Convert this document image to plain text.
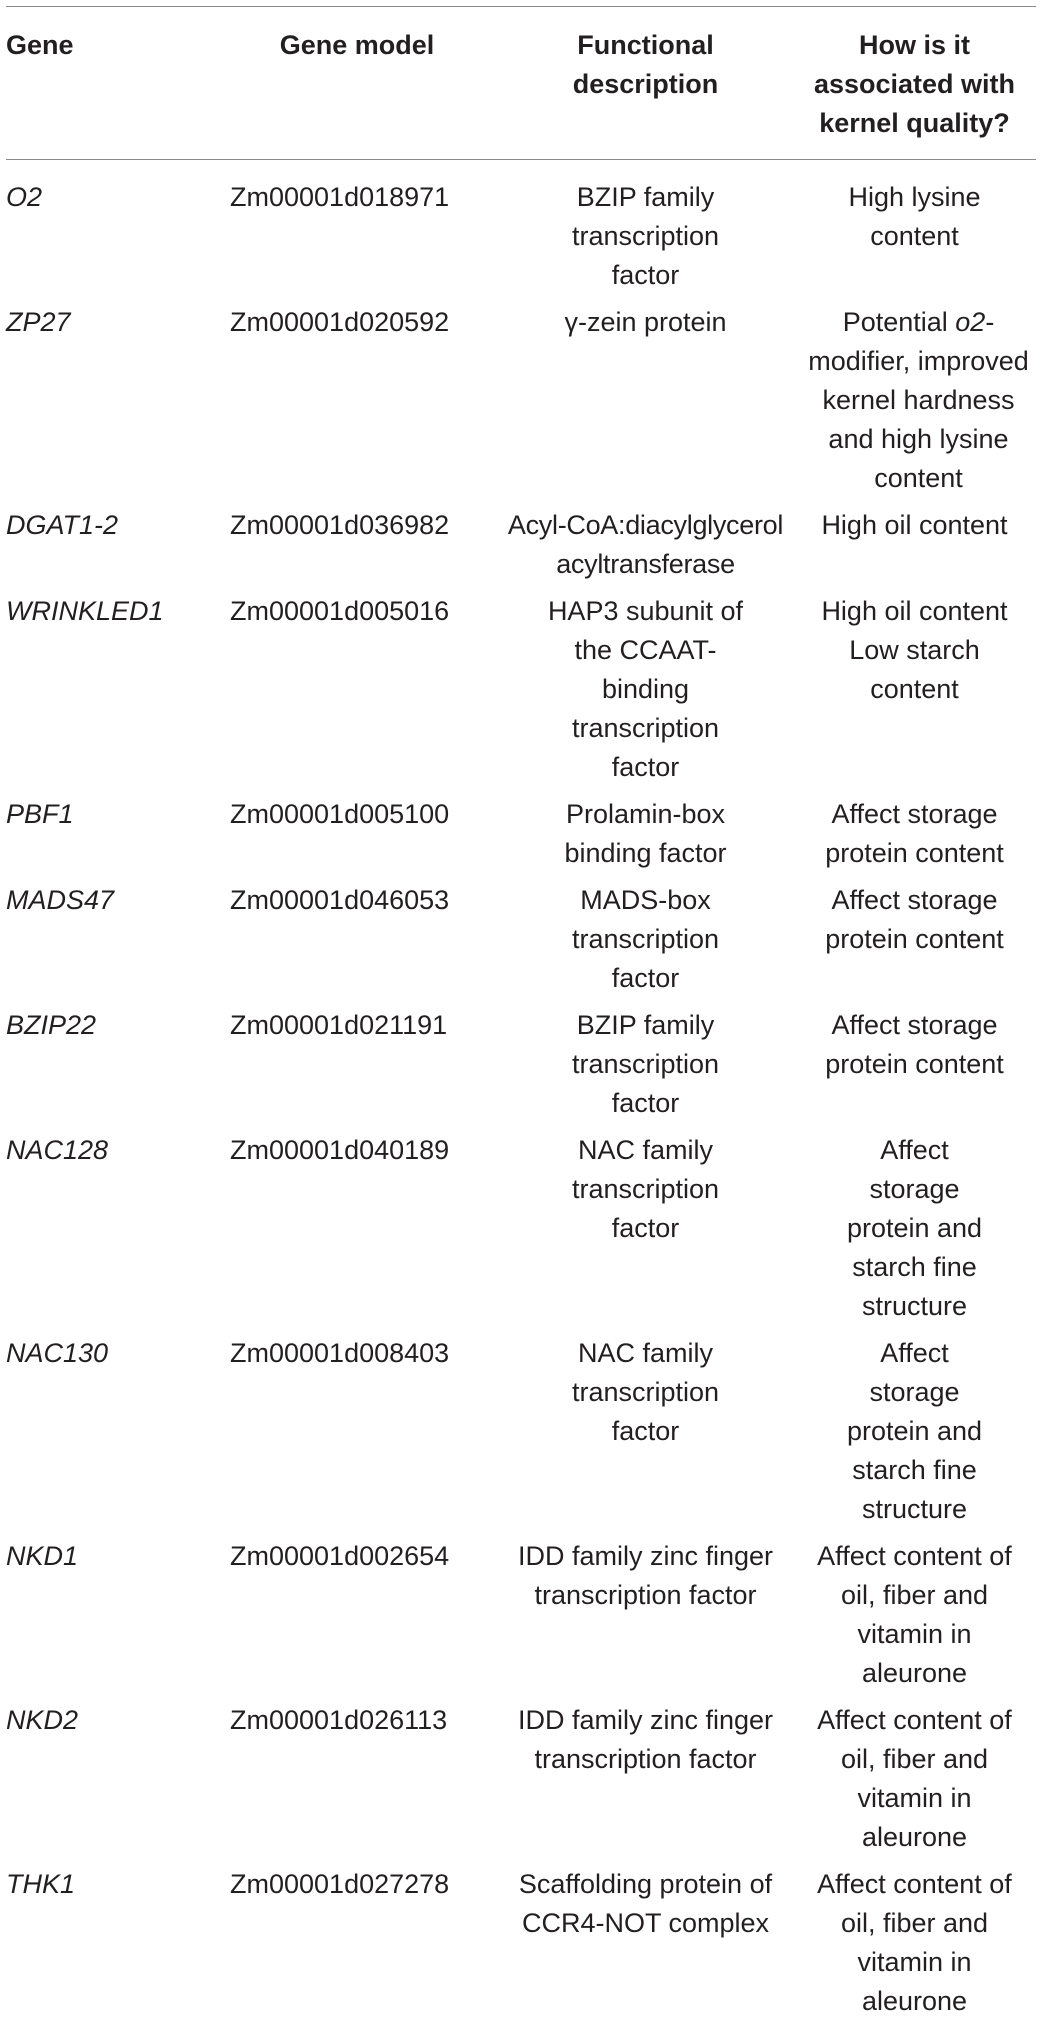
Gene	Gene model	Functional description	How is it associated with kernel quality?
O2	Zm00001d018971	BZIP family transcription factor	High lysine content
ZP27	Zm00001d020592	γ-zein protein	Potential o2-modifier, improved kernel hardness and high lysine content
DGAT1-2	Zm00001d036982	Acyl-CoA:diacylglycerol acyltransferase	High oil content
WRINKLED1	Zm00001d005016	HAP3 subunit of the CCAAT-binding transcription factor	High oil content Low starch content
PBF1	Zm00001d005100	Prolamin-box binding factor	Affect storage protein content
MADS47	Zm00001d046053	MADS-box transcription factor	Affect storage protein content
BZIP22	Zm00001d021191	BZIP family transcription factor	Affect storage protein content
NAC128	Zm00001d040189	NAC family transcription factor	Affect storage protein and starch fine structure
NAC130	Zm00001d008403	NAC family transcription factor	Affect storage protein and starch fine structure
NKD1	Zm00001d002654	IDD family zinc finger transcription factor	Affect content of oil, fiber and vitamin in aleurone
NKD2	Zm00001d026113	IDD family zinc finger transcription factor	Affect content of oil, fiber and vitamin in aleurone
THK1	Zm00001d027278	Scaffolding protein of CCR4-NOT complex	Affect content of oil, fiber and vitamin in aleurone
